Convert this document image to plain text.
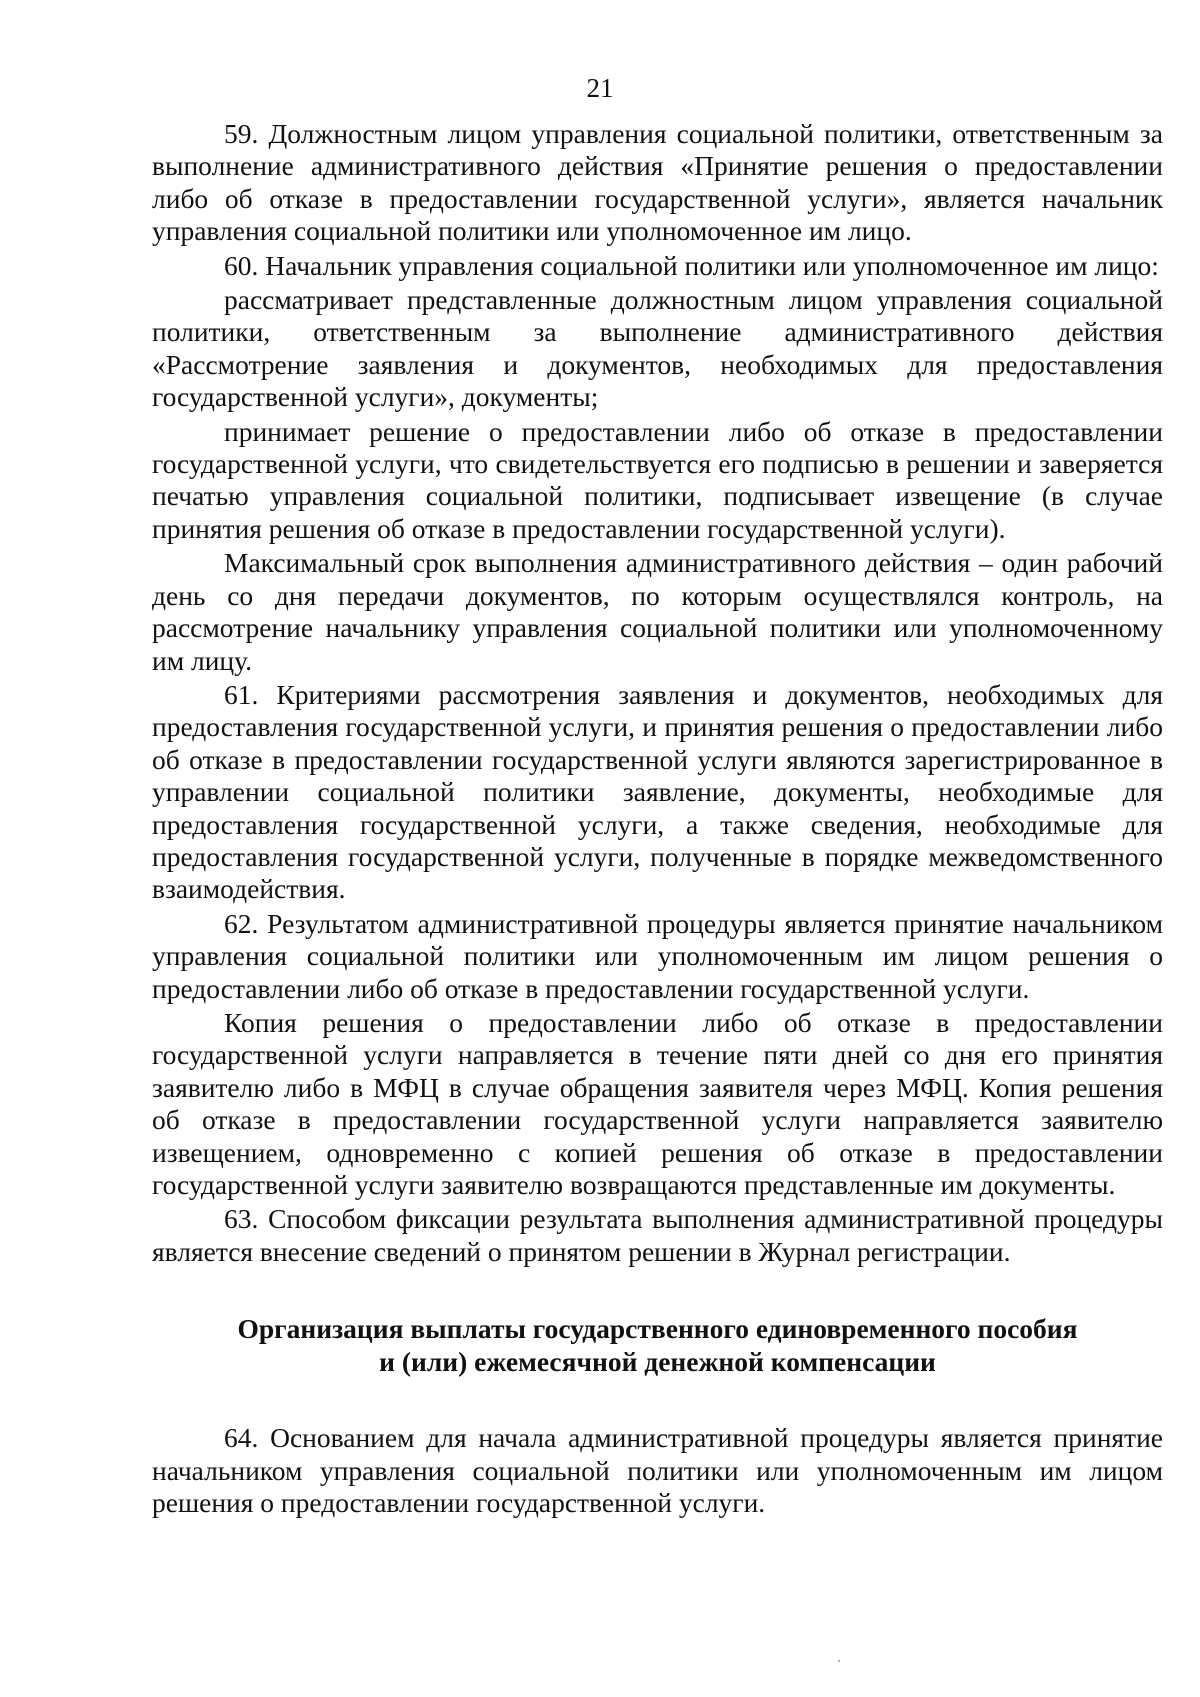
21

59. Должностным лицом управления социальной политики, ответственным за выполнение административного действия «Принятие решения о предоставлении либо об отказе в предоставлении государственной услуги», является начальник управления социальной политики или уполномоченное им лицо.

60. Начальник управления социальной политики или уполномоченное им лицо:

рассматривает представленные должностным лицом управления социальной политики, ответственным за выполнение административного действия «Рассмотрение заявления и документов, необходимых для предоставления государственной услуги», документы;

принимает решение о предоставлении либо об отказе в предоставлении государственной услуги, что свидетельствуется его подписью в решении и заверяется печатью управления социальной политики, подписывает извещение (в случае принятия решения об отказе в предоставлении государственной услуги).

Максимальный срок выполнения административного действия – один рабочий день со дня передачи документов, по которым осуществлялся контроль, на рассмотрение начальнику управления социальной политики или уполномоченному им лицу.

61. Критериями рассмотрения заявления и документов, необходимых для предоставления государственной услуги, и принятия решения о предоставлении либо об отказе в предоставлении государственной услуги являются зарегистрированное в управлении социальной политики заявление, документы, необходимые для предоставления государственной услуги, а также сведения, необходимые для предоставления государственной услуги, полученные в порядке межведомственного взаимодействия.

62. Результатом административной процедуры является принятие начальником управления социальной политики или уполномоченным им лицом решения о предоставлении либо об отказе в предоставлении государственной услуги.

Копия решения о предоставлении либо об отказе в предоставлении государственной услуги направляется в течение пяти дней со дня его принятия заявителю либо в МФЦ в случае обращения заявителя через МФЦ. Копия решения об отказе в предоставлении государственной услуги направляется заявителю извещением, одновременно с копией решения об отказе в предоставлении государственной услуги заявителю возвращаются представленные им документы.

63. Способом фиксации результата выполнения административной процедуры является внесение сведений о принятом решении в Журнал регистрации.

Организация выплаты государственного единовременного пособия
и (или) ежемесячной денежной компенсации

64. Основанием для начала административной процедуры является принятие начальником управления социальной политики или уполномоченным им лицом решения о предоставлении государственной услуги.
